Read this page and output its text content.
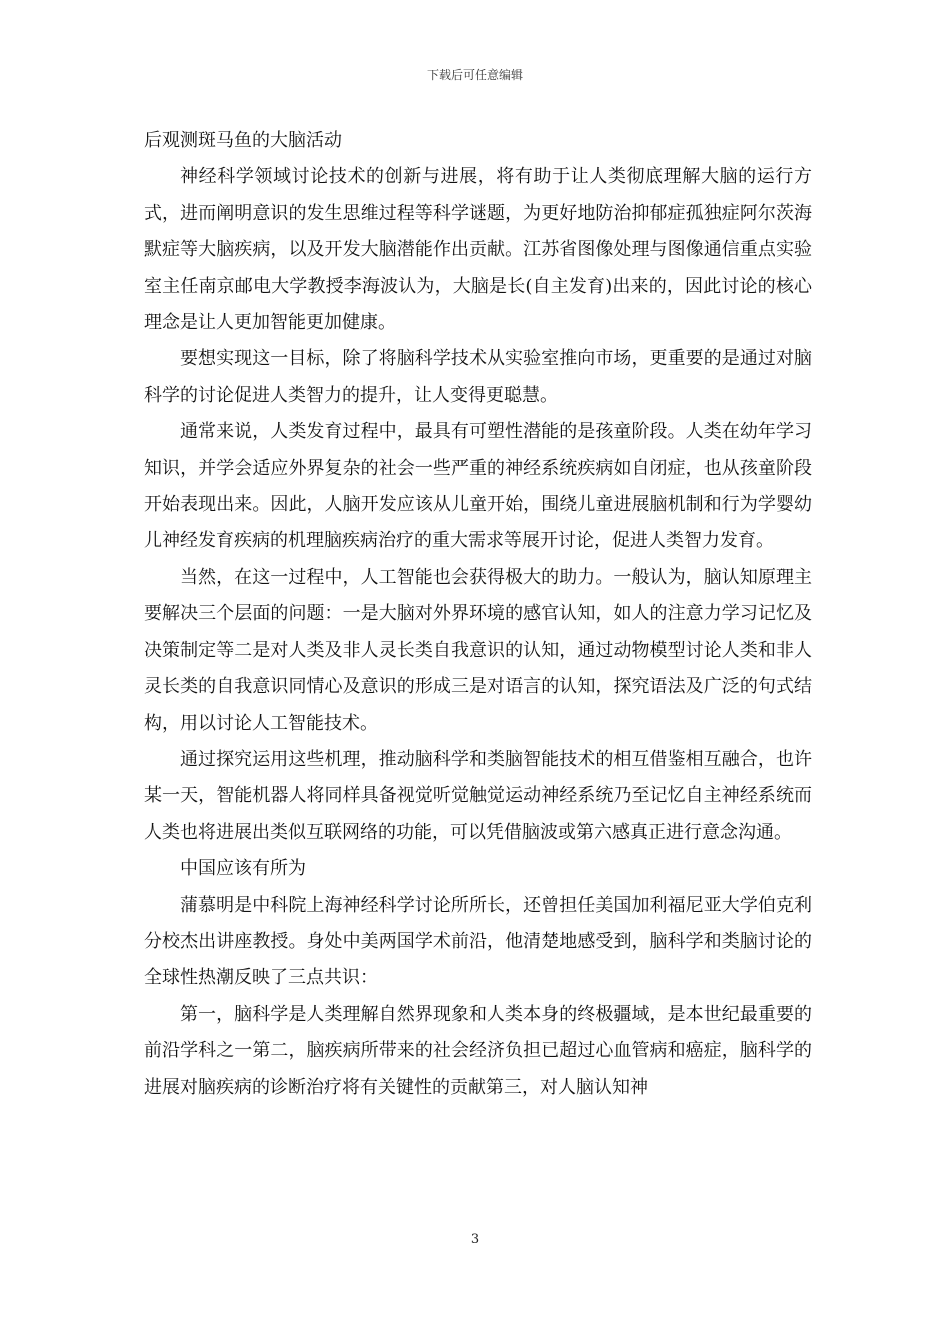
下载后可任意编辑

后观测斑马鱼的大脑活动

神经科学领域讨论技术的创新与进展，将有助于让人类彻底理解大脑的运行方式，进而阐明意识的发生思维过程等科学谜题，为更好地防治抑郁症孤独症阿尔茨海默症等大脑疾病，以及开发大脑潜能作出贡献。江苏省图像处理与图像通信重点实验室主任南京邮电大学教授李海波认为，大脑是长(自主发育)出来的，因此讨论的核心理念是让人更加智能更加健康。

要想实现这一目标，除了将脑科学技术从实验室推向市场，更重要的是通过对脑科学的讨论促进人类智力的提升，让人变得更聪慧。

通常来说，人类发育过程中，最具有可塑性潜能的是孩童阶段。人类在幼年学习知识，并学会适应外界复杂的社会一些严重的神经系统疾病如自闭症，也从孩童阶段开始表现出来。因此，人脑开发应该从儿童开始，围绕儿童进展脑机制和行为学婴幼儿神经发育疾病的机理脑疾病治疗的重大需求等展开讨论，促进人类智力发育。

当然，在这一过程中，人工智能也会获得极大的助力。一般认为，脑认知原理主要解决三个层面的问题：一是大脑对外界环境的感官认知，如人的注意力学习记忆及决策制定等二是对人类及非人灵长类自我意识的认知，通过动物模型讨论人类和非人灵长类的自我意识同情心及意识的形成三是对语言的认知，探究语法及广泛的句式结构，用以讨论人工智能技术。

通过探究运用这些机理，推动脑科学和类脑智能技术的相互借鉴相互融合，也许某一天，智能机器人将同样具备视觉听觉触觉运动神经系统乃至记忆自主神经系统而人类也将进展出类似互联网络的功能，可以凭借脑波或第六感真正进行意念沟通。

中国应该有所为

蒲慕明是中科院上海神经科学讨论所所长，还曾担任美国加利福尼亚大学伯克利分校杰出讲座教授。身处中美两国学术前沿，他清楚地感受到，脑科学和类脑讨论的全球性热潮反映了三点共识：

第一，脑科学是人类理解自然界现象和人类本身的终极疆域，是本世纪最重要的前沿学科之一第二，脑疾病所带来的社会经济负担已超过心血管病和癌症，脑科学的进展对脑疾病的诊断治疗将有关键性的贡献第三，对人脑认知神

3
